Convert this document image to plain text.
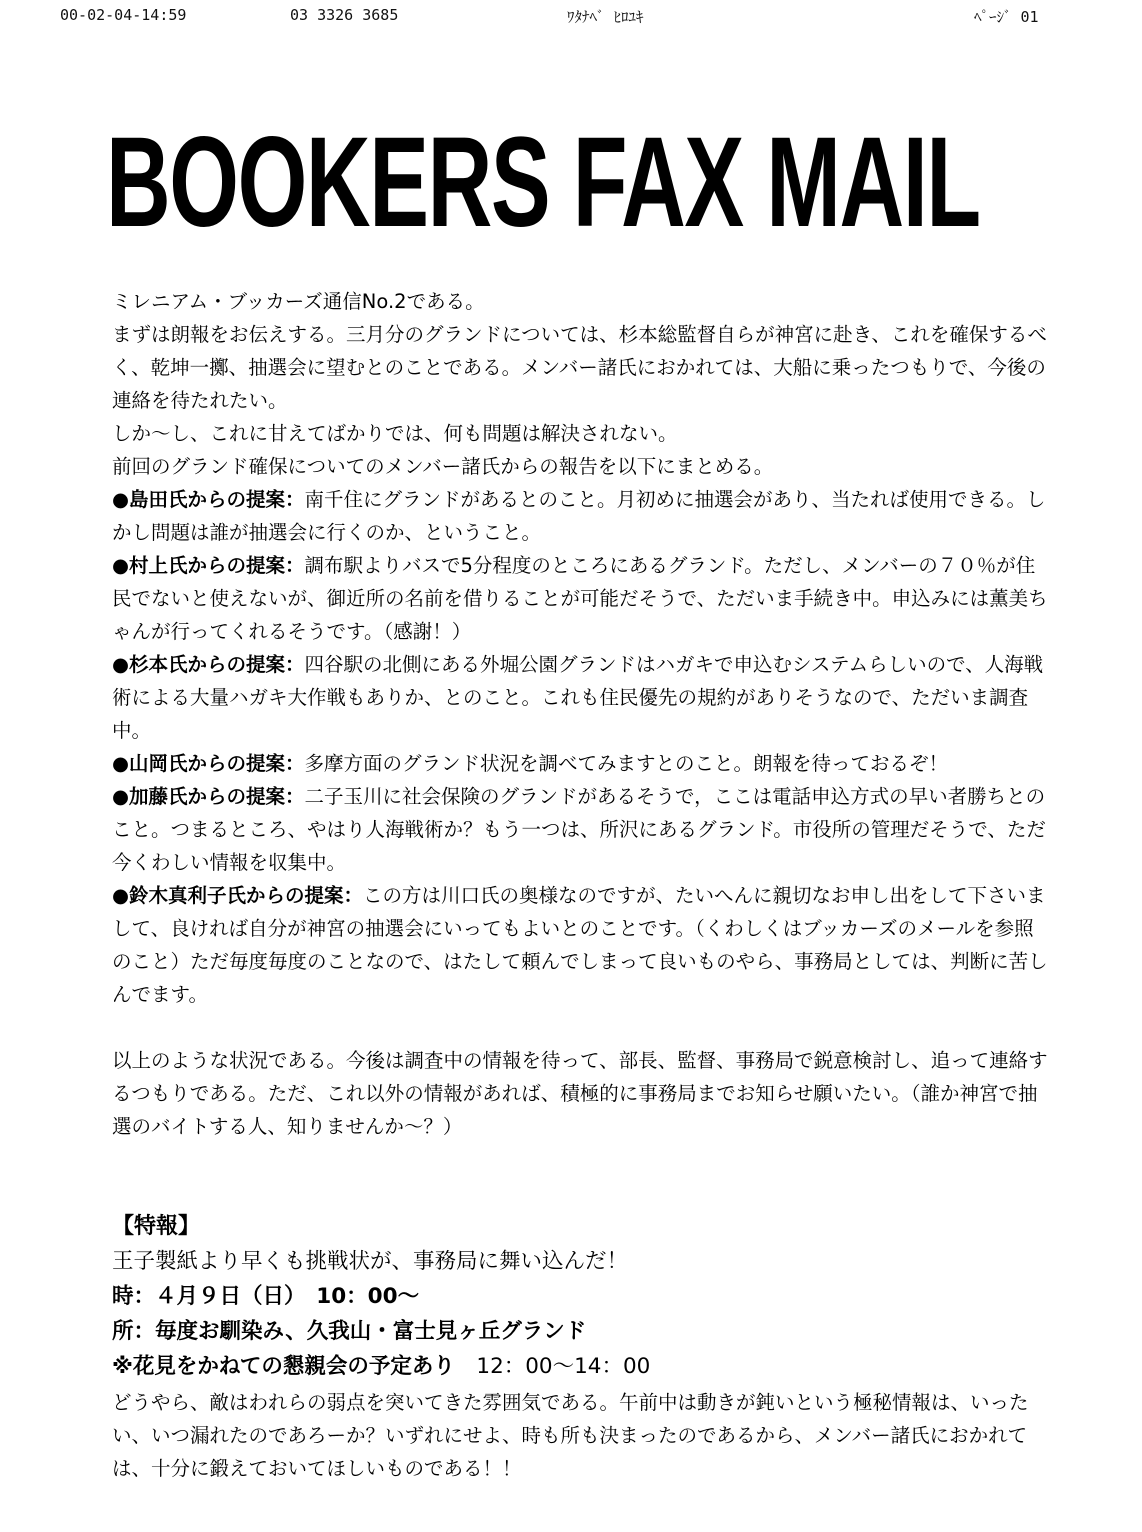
00-02-04-14:59	03 3326 3685	ﾜﾀﾅﾍﾞ ﾋﾛﾕｷ	ﾍﾟｰｼﾞ 01
BOOKERS FAX MAIL

ミレニアム・ブッカーズ通信No.2である。

まずは朗報をお伝えする。三月分のグランドについては、杉本総監督自らが神宮に赴き、これを確保するべく、乾坤一擲、抽選会に望むとのことである。メンバー諸氏におかれては、大船に乗ったつもりで、今後の連絡を待たれたい。

しか〜し、これに甘えてばかりでは、何も問題は解決されない。

前回のグランド確保についてのメンバー諸氏からの報告を以下にまとめる。

●島田氏からの提案：南千住にグランドがあるとのこと。月初めに抽選会があり、当たれば使用できる。しかし問題は誰が抽選会に行くのか、ということ。

●村上氏からの提案：調布駅よりバスで5分程度のところにあるグランド。ただし、メンバーの７０％が住民でないと使えないが、御近所の名前を借りることが可能だそうで、ただいま手続き中。申込みには薫美ちゃんが行ってくれるそうです。（感謝！）

●杉本氏からの提案：四谷駅の北側にある外堀公園グランドはハガキで申込むシステムらしいので、人海戦術による大量ハガキ大作戦もありか、とのこと。これも住民優先の規約がありそうなので、ただいま調査中。

●山岡氏からの提案：多摩方面のグランド状況を調べてみますとのこと。朗報を待っておるぞ！

●加藤氏からの提案：二子玉川に社会保険のグランドがあるそうで，ここは電話申込方式の早い者勝ちとのこと。つまるところ、やはり人海戦術か？もう一つは、所沢にあるグランド。市役所の管理だそうで、ただ今くわしい情報を収集中。

●鈴木真利子氏からの提案：この方は川口氏の奥様なのですが、たいへんに親切なお申し出をして下さいまして、良ければ自分が神宮の抽選会にいってもよいとのことです。（くわしくはブッカーズのメールを参照のこと）ただ毎度毎度のことなので、はたして頼んでしまって良いものやら、事務局としては、判断に苦しんでます。

以上のような状況である。今後は調査中の情報を待って、部長、監督、事務局で鋭意検討し、追って連絡するつもりである。ただ、これ以外の情報があれば、積極的に事務局までお知らせ願いたい。（誰か神宮で抽選のバイトする人、知りませんか〜？）

【特報】
王子製紙より早くも挑戦状が、事務局に舞い込んだ！
時：４月９日（日）　10：00〜
所：毎度お馴染み、久我山・富士見ヶ丘グランド
※花見をかねての懇親会の予定あり　 12：00〜14：00
どうやら、敵はわれらの弱点を突いてきた雰囲気である。午前中は動きが鈍いという極秘情報は、いったい、いつ漏れたのであろーか？いずれにせよ、時も所も決まったのであるから、メンバー諸氏におかれては、十分に鍛えておいてほしいものである！！
